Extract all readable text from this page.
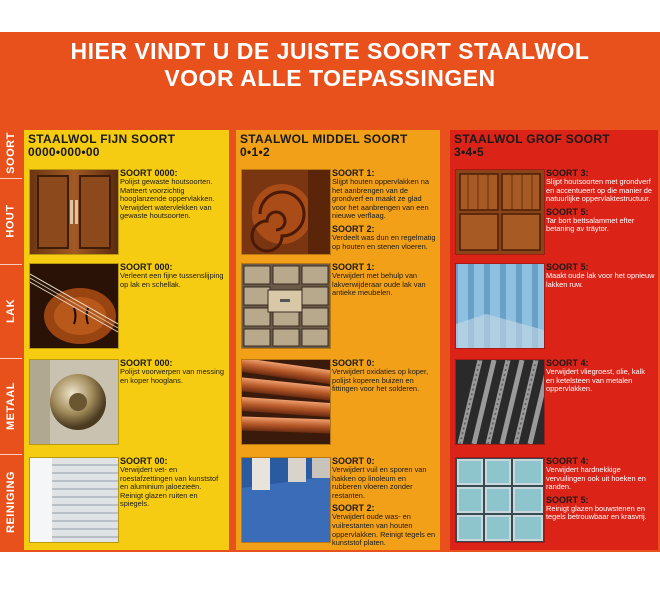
HIER VINDT U DE JUISTE SOORT STAALWOL
VOOR ALLE TOEPASSINGEN
SOORT
HOUT
LAK
METAAL
REINIGING
STAALWOL FIJN SOORT
0000•000•00
SOORT 0000:
Polijst gewaste houtsoorten. Matteert voorzichtig hooglanzende oppervlakken. Verwijdert watervlekken van gewaste houtsoorten.
SOORT 000:
Verleent een fijne tussenslijping op lak en schellak.
SOORT 000:
Polijst voorwerpen van messing en koper hooglans.
SOORT 00:
Verwijdert vet- en roestafzettingen van kunststof en aluminium jaloezieën. Reinigt glazen ruiten en spiegels.
STAALWOL MIDDEL SOORT
0•1•2
SOORT 1:
Slijpt houten oppervlakken na het aanbrengen van de grondverf en maakt ze glad voor het aanbrengen van een nieuwe verflaag.
SOORT 2:
Verdeelt was dun en regelmatig op houten en stenen vloeren.
SOORT 1:
Verwijdert met behulp van lakverwijderaar oude lak van antieke meubelen.
SOORT 0:
Verwijdert oxidaties op koper, polijst koperen buizen en fittingen voor het solderen.
SOORT 0:
Verwijdert vuil en sporen van hakken op linoleum en rubberen vloeren zonder restanten.
SOORT 2:
Verwijdert oude was- en vuilrestanten van houten oppervlakken. Reinigt tegels en kunststof platen.
STAALWOL GROF SOORT
3•4•5
SOORT 3:
Slijpt houtsoorten met grondverf en accentueert op die manier de natuurlijke oppervlaktestructuur.
SOORT 5:
Tar bort bettsalammet efter betaning av träytor.
SOORT 5:
Maakt oude lak voor het opnieuw lakken ruw.
SOORT 4:
Verwijdert vliegroest, olie, kalk en ketelsteen van metalen oppervlakken.
SOORT 4:
Verwijdert hardnekkige vervuilingen ook uit hoeken en randen.
SOORT 5:
Reinigt glazen bouwstenen en tegels betrouwbaar en krasvrij.
